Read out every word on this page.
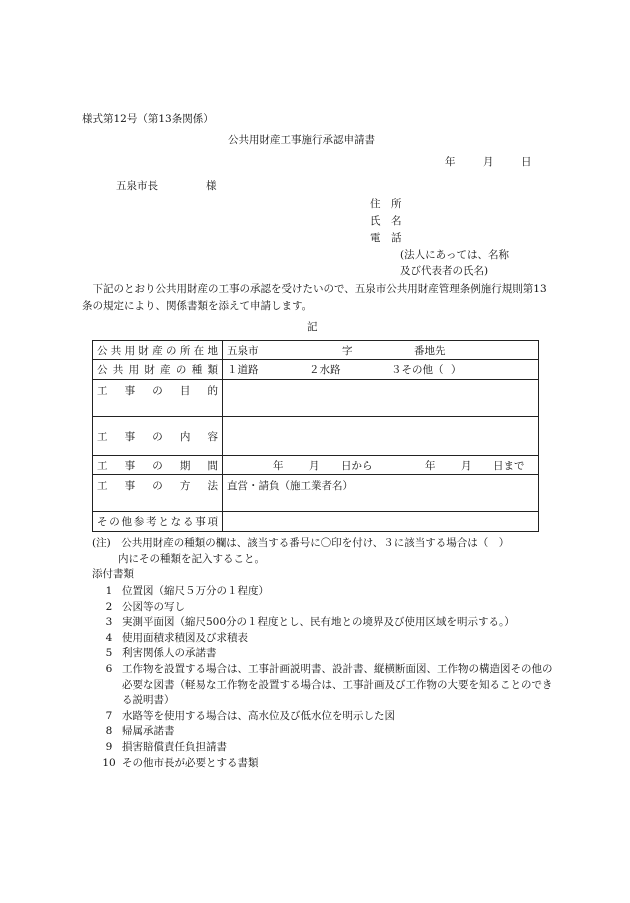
様式第12号（第13条関係）
公共用財産工事施行承認申請書
年	月	日
五泉市長	様
住　所
氏　名
電　話
(法人にあっては、名称
及び代表者の氏名)

下記のとおり公共用財産の工事の承認を受けたいので、五泉市公共用財産管理条例施行規則第13条の規定により、関係書類を添えて申請します。

記
公共用財産の所在地	五泉市 字 番地先
公共用財産の種類	１道路 ２水路 ３その他（ ）
工事の目的	
工事の内容	
工事の期間	年 月 日から 年 月 日まで
工事の方法	直営・請負（施工業者名）
その他参考となる事項	
(注)　公共用財産の種類の欄は、該当する番号に〇印を付け、３に該当する場合は（　）
内にその種類を記入すること。
添付書類
1 位置図（縮尺５万分の１程度）
2 公図等の写し
3 実測平面図（縮尺500分の１程度とし、民有地との境界及び使用区域を明示する。）
4 使用面積求積図及び求積表
5 利害関係人の承諾書
6 工作物を設置する場合は、工事計画説明書、設計書、縦横断面図、工作物の構造図その他の必要な図書（軽易な工作物を設置する場合は、工事計画及び工作物の大要を知ることのできる説明書）
7 水路等を使用する場合は、高水位及び低水位を明示した図
8 帰属承諾書
9 損害賠償責任負担請書
10 その他市長が必要とする書類
